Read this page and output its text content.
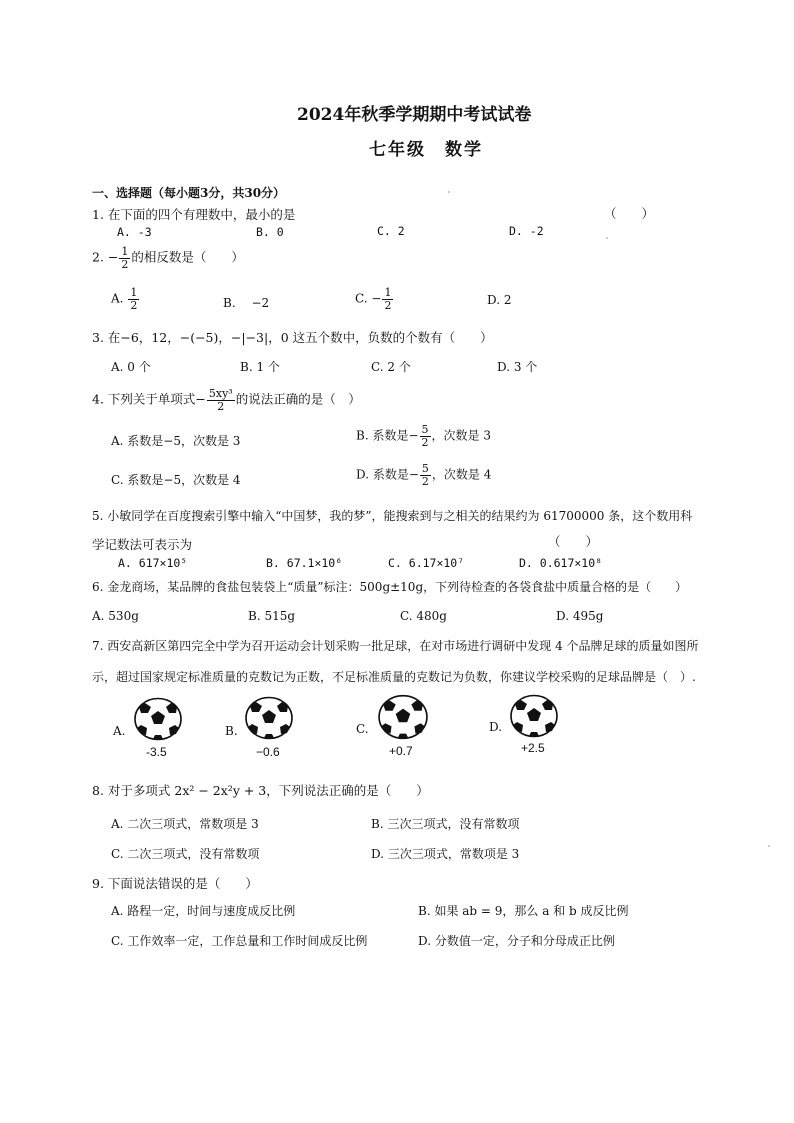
2024年秋季学期期中考试试卷
七年级　数学
一、选择题（每小题3分，共30分）
1. 在下面的四个有理数中，最小的是	（　　）
A. -3	B. 0	C. 2	D. -2
2. − $\frac{1}{2}$ 的相反数是（　　）
A. $\frac{1}{2}$	B.　 −2	C. − $\frac{1}{2}$	D. 2
3. 在−6，12，−(−5)，−|−3|，0 这五个数中，负数的个数有（　　）
A. 0 个	B. 1 个	C. 2 个	D. 3 个
4. 下列关于单项式− $\frac{\text{5xy³}}{2}$ 的说法正确的是（　）
A. 系数是−5，次数是 3	B. 系数是− $\frac{5}{2}$ ，次数是 3
C. 系数是−5，次数是 4	D. 系数是− $\frac{5}{2}$ ，次数是 4
5. 小敏同学在百度搜索引擎中输入“中国梦，我的梦”，能搜索到与之相关的结果约为 61700000 条，这个数用科
学记数法可表示为	（　　）
A. 617×10⁵	B. 67.1×10⁶	C. 6.17×10⁷	D. 0.617×10⁸
6. 金龙商场，某品牌的食盐包装袋上“质量”标注：500g±10g，下列待检查的各袋食盐中质量合格的是（　　）
A. 530g	B. 515g	C. 480g	D. 495g
7. 西安高新区第四完全中学为召开运动会计划采购一批足球，在对市场进行调研中发现 4 个品牌足球的质量如图所
示，超过国家规定标准质量的克数记为正数，不足标准质量的克数记为负数，你建议学校采购的足球品牌是（　）.
A.
-3.5
B.
−0.6
C.
+0.7
D.
+2.5
8. 对于多项式 2x² − 2x²y + 3，下列说法正确的是（　　）
A. 二次三项式，常数项是 3	B. 三次三项式，没有常数项
C. 二次三项式，没有常数项	D. 三次三项式，常数项是 3
9. 下面说法错误的是（　　）
A. 路程一定，时间与速度成反比例	B. 如果 ab = 9，那么 a 和 b 成反比例
C. 工作效率一定，工作总量和工作时间成反比例	D. 分数值一定，分子和分母成正比例
